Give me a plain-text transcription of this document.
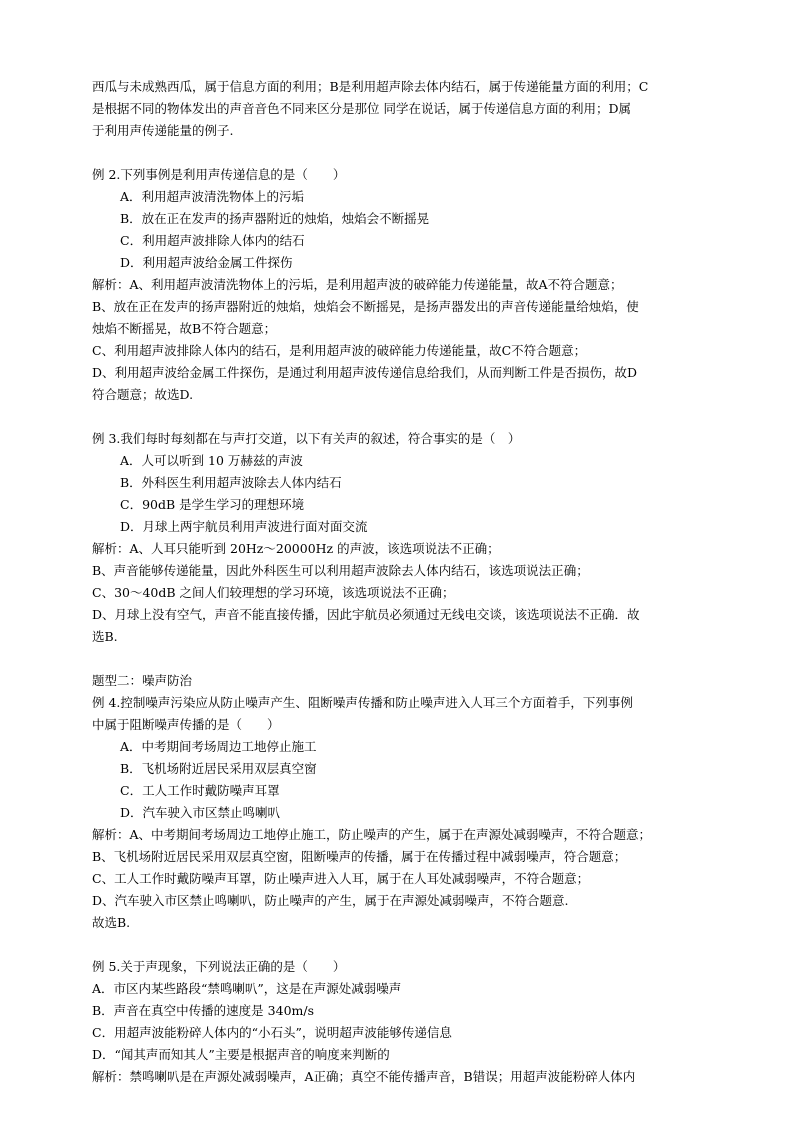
西瓜与未成熟西瓜，属于信息方面的利用；B是利用超声除去体内结石，属于传递能量方面的利用；C
是根据不同的物体发出的声音音色不同来区分是那位 同学在说话，属于传递信息方面的利用；D属
于利用声传递能量的例子.
例 2.下列事例是利用声传递信息的是（　　）
A．利用超声波清洗物体上的污垢
B．放在正在发声的扬声器附近的烛焰，烛焰会不断摇晃
C．利用超声波排除人体内的结石
D．利用超声波给金属工件探伤
解析：A、利用超声波清洗物体上的污垢，是利用超声波的破碎能力传递能量，故A不符合题意；
B、放在正在发声的扬声器附近的烛焰，烛焰会不断摇晃，是扬声器发出的声音传递能量给烛焰，使
烛焰不断摇晃，故B不符合题意；
C、利用超声波排除人体内的结石，是利用超声波的破碎能力传递能量，故C不符合题意；
D、利用超声波给金属工件探伤，是通过利用超声波传递信息给我们，从而判断工件是否损伤，故D
符合题意；故选D.
例 3.我们每时每刻都在与声打交道，以下有关声的叙述，符合事实的是（　）
A．人可以听到 10 万赫兹的声波
B．外科医生利用超声波除去人体内结石
C．90dB 是学生学习的理想环境
D．月球上两宇航员利用声波进行面对面交流
解析：A、人耳只能听到 20Hz～20000Hz 的声波，该选项说法不正确；
B、声音能够传递能量，因此外科医生可以利用超声波除去人体内结石，该选项说法正确；
C、30～40dB 之间人们较理想的学习环境，该选项说法不正确；
D、月球上没有空气，声音不能直接传播，因此宇航员必须通过无线电交谈，该选项说法不正确．故
选B.
题型二：噪声防治
例 4.控制噪声污染应从防止噪声产生、阻断噪声传播和防止噪声进入人耳三个方面着手，下列事例
中属于阻断噪声传播的是（　　）
A．中考期间考场周边工地停止施工
B．飞机场附近居民采用双层真空窗
C．工人工作时戴防噪声耳罩
D．汽车驶入市区禁止鸣喇叭
解析：A、中考期间考场周边工地停止施工，防止噪声的产生，属于在声源处减弱噪声，不符合题意；
B、飞机场附近居民采用双层真空窗，阻断噪声的传播，属于在传播过程中减弱噪声，符合题意；
C、工人工作时戴防噪声耳罩，防止噪声进入人耳，属于在人耳处减弱噪声，不符合题意；
D、汽车驶入市区禁止鸣喇叭，防止噪声的产生，属于在声源处减弱噪声，不符合题意.
故选B.
例 5.关于声现象，下列说法正确的是（　　）
A．市区内某些路段“禁鸣喇叭”，这是在声源处减弱噪声
B．声音在真空中传播的速度是 340m/s
C．用超声波能粉碎人体内的“小石头”，说明超声波能够传递信息
D．“闻其声而知其人”主要是根据声音的响度来判断的
解析：禁鸣喇叭是在声源处减弱噪声，A正确；真空不能传播声音，B错误；用超声波能粉碎人体内
